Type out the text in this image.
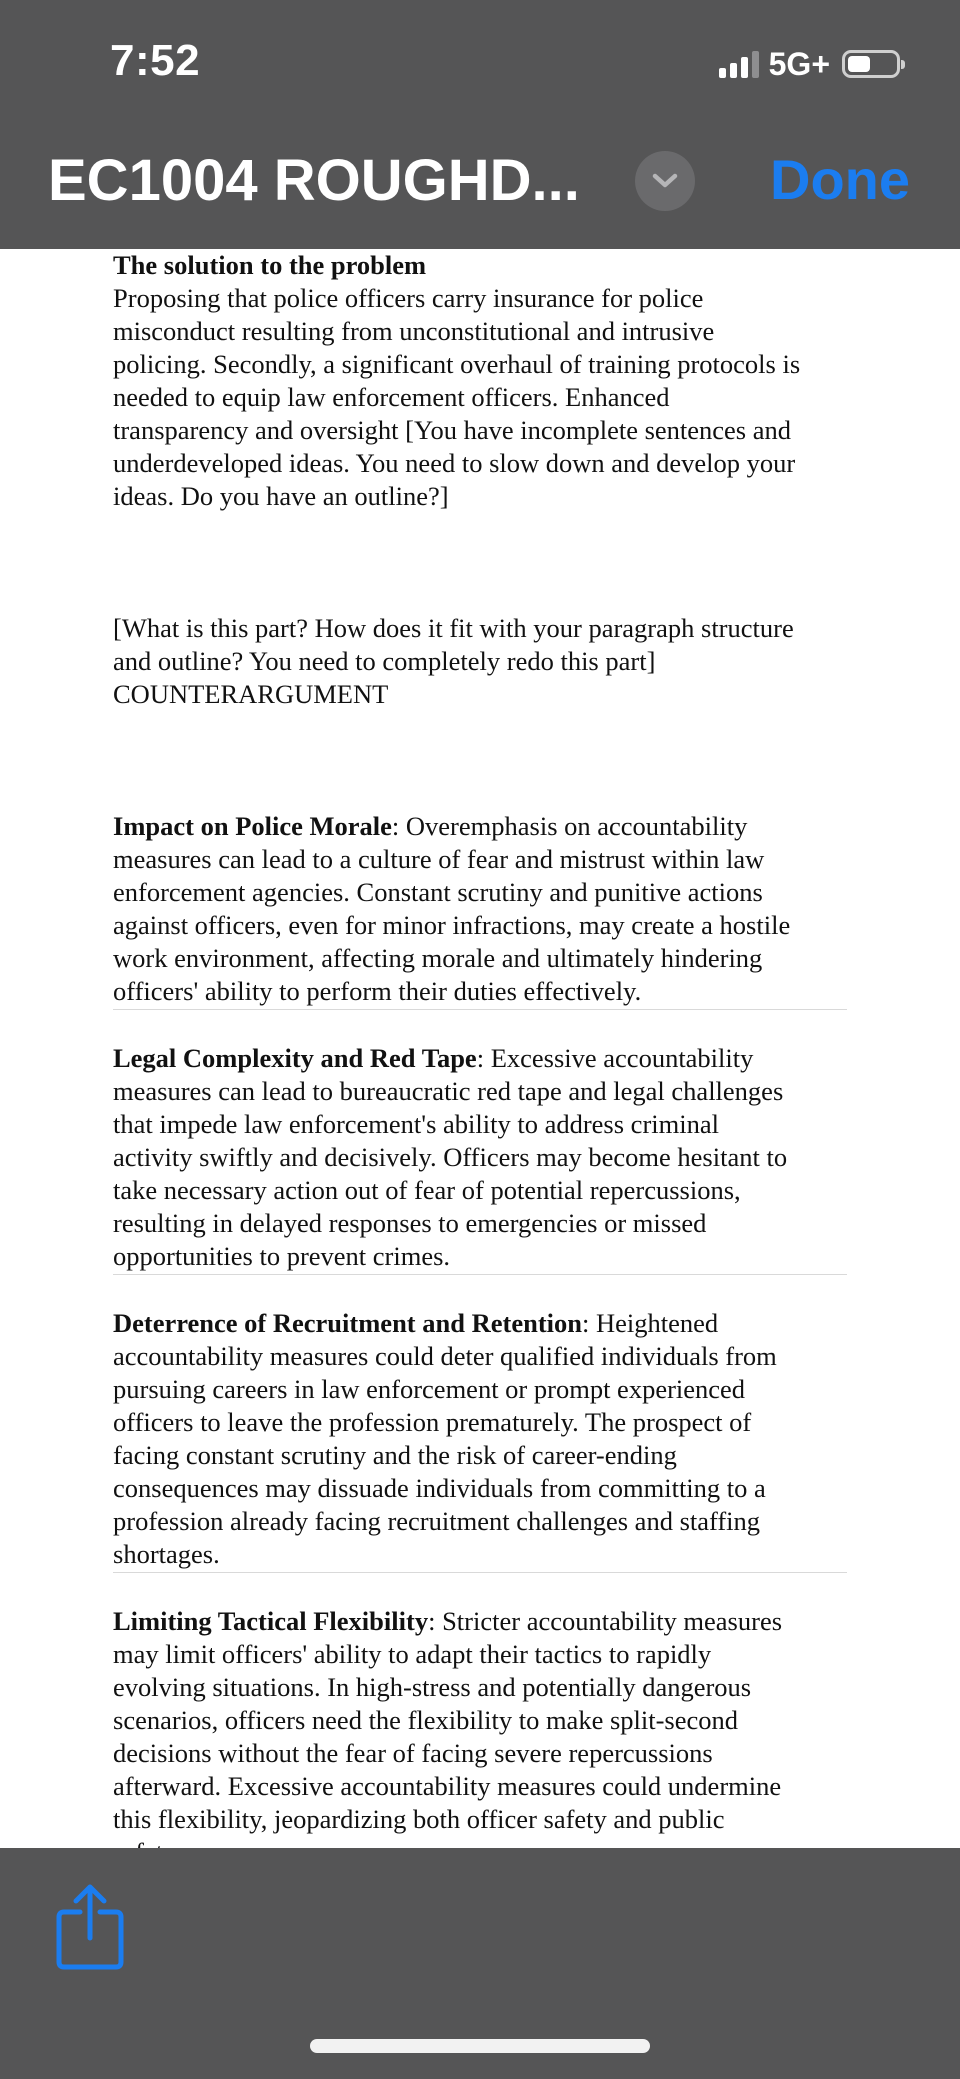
7:52	5G+
EC1004 ROUGHD...	Done

The solution to the problem

Proposing that police officers carry insurance for police

misconduct resulting from unconstitutional and intrusive

policing. Secondly, a significant overhaul of training protocols is

needed to equip law enforcement officers. Enhanced

transparency and oversight [You have incomplete sentences and

underdeveloped ideas. You need to slow down and develop your

ideas. Do you have an outline?]

[What is this part? How does it fit with your paragraph structure

and outline? You need to completely redo this part]

COUNTERARGUMENT

Impact on Police Morale: Overemphasis on accountability

measures can lead to a culture of fear and mistrust within law

enforcement agencies. Constant scrutiny and punitive actions

against officers, even for minor infractions, may create a hostile

work environment, affecting morale and ultimately hindering

officers' ability to perform their duties effectively.

Legal Complexity and Red Tape: Excessive accountability

measures can lead to bureaucratic red tape and legal challenges

that impede law enforcement's ability to address criminal

activity swiftly and decisively. Officers may become hesitant to

take necessary action out of fear of potential repercussions,

resulting in delayed responses to emergencies or missed

opportunities to prevent crimes.

Deterrence of Recruitment and Retention: Heightened

accountability measures could deter qualified individuals from

pursuing careers in law enforcement or prompt experienced

officers to leave the profession prematurely. The prospect of

facing constant scrutiny and the risk of career-ending

consequences may dissuade individuals from committing to a

profession already facing recruitment challenges and staffing

shortages.

Limiting Tactical Flexibility: Stricter accountability measures

may limit officers' ability to adapt their tactics to rapidly

evolving situations. In high-stress and potentially dangerous

scenarios, officers need the flexibility to make split-second

decisions without the fear of facing severe repercussions

afterward. Excessive accountability measures could undermine

this flexibility, jeopardizing both officer safety and public
